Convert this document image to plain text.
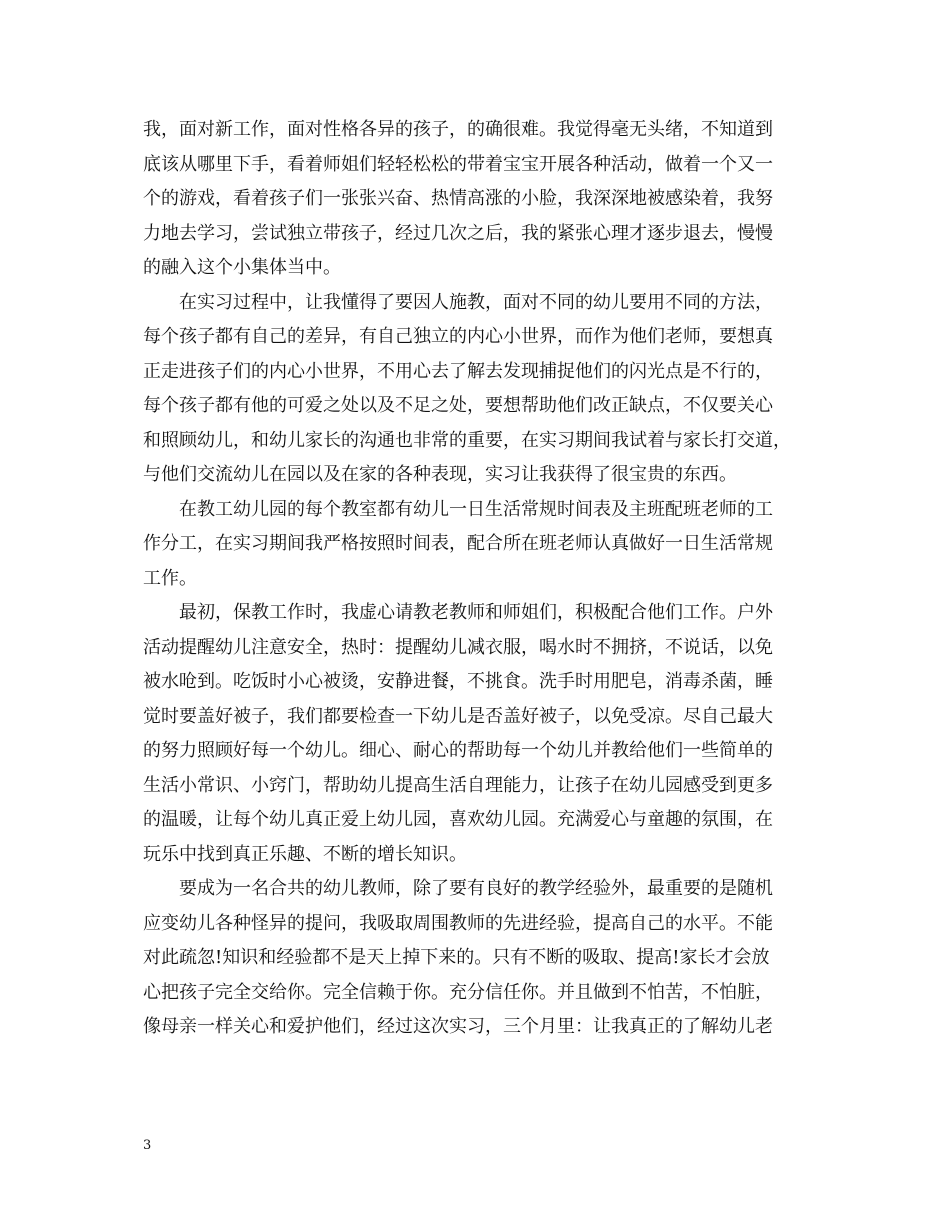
我，面对新工作，面对性格各异的孩子，的确很难。我觉得毫无头绪，不知道到
底该从哪里下手，看着师姐们轻轻松松的带着宝宝开展各种活动，做着一个又一
个的游戏，看着孩子们一张张兴奋、热情高涨的小脸，我深深地被感染着，我努
力地去学习，尝试独立带孩子，经过几次之后，我的紧张心理才逐步退去，慢慢
的融入这个小集体当中。
在实习过程中，让我懂得了要因人施教，面对不同的幼儿要用不同的方法，
每个孩子都有自己的差异，有自己独立的内心小世界，而作为他们老师，要想真
正走进孩子们的内心小世界，不用心去了解去发现捕捉他们的闪光点是不行的，
每个孩子都有他的可爱之处以及不足之处，要想帮助他们改正缺点，不仅要关心
和照顾幼儿，和幼儿家长的沟通也非常的重要，在实习期间我试着与家长打交道，
与他们交流幼儿在园以及在家的各种表现，实习让我获得了很宝贵的东西。
在教工幼儿园的每个教室都有幼儿一日生活常规时间表及主班配班老师的工
作分工，在实习期间我严格按照时间表，配合所在班老师认真做好一日生活常规
工作。
最初，保教工作时，我虚心请教老教师和师姐们，积极配合他们工作。户外
活动提醒幼儿注意安全，热时：提醒幼儿减衣服，喝水时不拥挤，不说话，以免
被水呛到。吃饭时小心被烫，安静进餐，不挑食。洗手时用肥皂，消毒杀菌，睡
觉时要盖好被子，我们都要检查一下幼儿是否盖好被子，以免受凉。尽自己最大
的努力照顾好每一个幼儿。细心、耐心的帮助每一个幼儿并教给他们一些简单的
生活小常识、小窍门，帮助幼儿提高生活自理能力，让孩子在幼儿园感受到更多
的温暖，让每个幼儿真正爱上幼儿园，喜欢幼儿园。充满爱心与童趣的氛围，在
玩乐中找到真正乐趣、不断的增长知识。
要成为一名合共的幼儿教师，除了要有良好的教学经验外，最重要的是随机
应变幼儿各种怪异的提问，我吸取周围教师的先进经验，提高自己的水平。不能
对此疏忽!知识和经验都不是天上掉下来的。只有不断的吸取、提高!家长才会放
心把孩子完全交给你。完全信赖于你。充分信任你。并且做到不怕苦，不怕脏，
像母亲一样关心和爱护他们，经过这次实习，三个月里：让我真正的了解幼儿老
3
